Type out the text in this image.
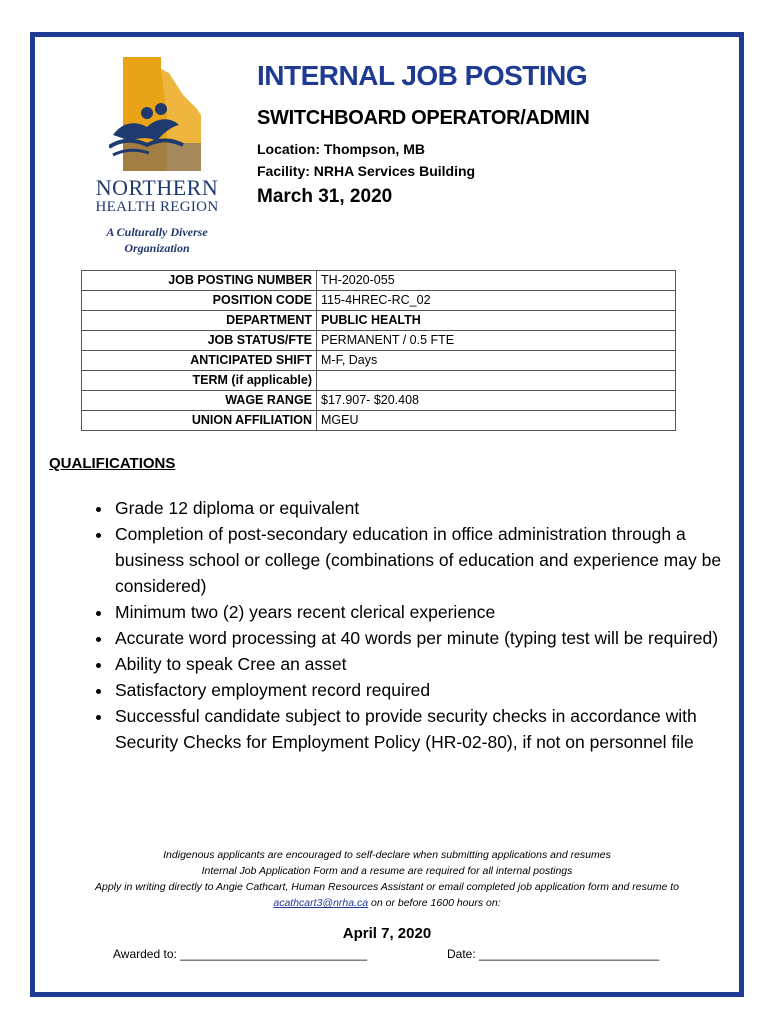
NORTHERN
HEALTH REGION
A Culturally Diverse
Organization
INTERNAL JOB POSTING
SWITCHBOARD OPERATOR/ADMIN
Location: Thompson, MB
Facility: NRHA Services Building
March 31, 2020
JOB POSTING NUMBER	TH-2020-055
POSITION CODE	115-4HREC-RC_02
DEPARTMENT	PUBLIC HEALTH
JOB STATUS/FTE	PERMANENT / 0.5 FTE
ANTICIPATED SHIFT	M-F, Days
TERM (if applicable)	
WAGE RANGE	$17.907- $20.408
UNION AFFILIATION	MGEU
QUALIFICATIONS
• Grade 12 diploma or equivalent
• Completion of post-secondary education in office administration through a business school or college (combinations of education and experience may be considered)
• Minimum two (2) years recent clerical experience
• Accurate word processing at 40 words per minute (typing test will be required)
• Ability to speak Cree an asset
• Satisfactory employment record required
• Successful candidate subject to provide security checks in accordance with Security Checks for Employment Policy (HR-02-80), if not on personnel file
Indigenous applicants are encouraged to self-declare when submitting applications and resumes
Internal Job Application Form and a resume are required for all internal postings
Apply in writing directly to Angie Cathcart, Human Resources Assistant or email completed job application form and resume to
acathcart3@nrha.ca on or before 1600 hours on:
April 7, 2020
Awarded to: ____________________________	Date: ___________________________
